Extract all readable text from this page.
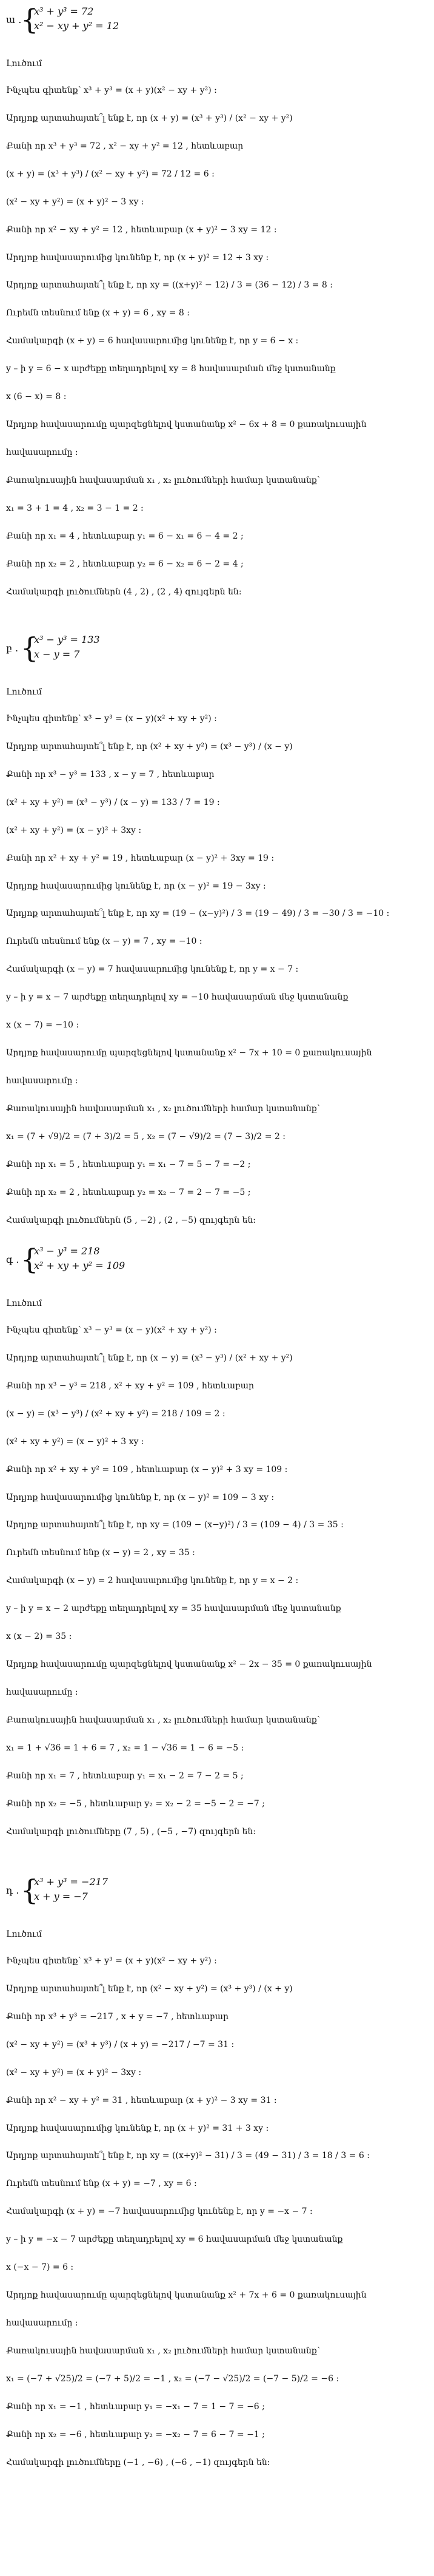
ա .
{
x³ + y³ = 72
x² − xy + y² = 12
Լուծում
Ինչպես գիտենք՝ x³ + y³ = (x + y)(x² − xy + y²) :
Արդյոք արտահայտե՞լ ենք է, որ (x + y) = (x³ + y³) / (x² − xy + y²)
Քանի որ x³ + y³ = 72 , x² − xy + y² = 12 , հետևաբար
(x + y) = (x³ + y³) / (x² − xy + y²) = 72 / 12 = 6 :
(x² − xy + y²) = (x + y)² − 3 xy :
Քանի որ x² − xy + y² = 12 , հետևաբար (x + y)² − 3 xy = 12 :
Արդյոք հավասարումից կունենք է, որ (x + y)² = 12 + 3 xy :
Արդյոք արտահայտե՞լ ենք է, որ xy = ((x+y)² − 12) / 3 = (36 − 12) / 3 = 8 :
Ուրեմն տեսնում ենք (x + y) = 6 , xy = 8 :
Համակարգի (x + y) = 6 հավասարումից կունենք է, որ y = 6 − x :
y – ի y = 6 − x արժեքը տեղադրելով xy = 8 հավասարման մեջ կստանանք
x (6 − x) = 8 :
Արդյոք հավասարումը պարզեցնելով կստանանք x² − 6x + 8 = 0 քառակուսային
հավասարումը :
Քառակուսային հավասարման x₁ , x₂ լուծումների համար կստանանք՝
x₁ = 3 + 1 = 4 , x₂ = 3 − 1 = 2 :
Քանի որ x₁ = 4 , հետևաբար y₁ = 6 − x₁ = 6 − 4 = 2 ;
Քանի որ x₂ = 2 , հետևաբար y₂ = 6 − x₂ = 6 − 2 = 4 ;
Համակարգի լուծումներն (4 , 2) , (2 , 4) զույգերն են:
բ . {
x³ − y³ = 133
x − y = 7
Լուծում
Ինչպես գիտենք՝ x³ − y³ = (x − y)(x² + xy + y²) :
Արդյոք արտահայտե՞լ ենք է, որ (x² + xy + y²) = (x³ − y³) / (x − y)
Քանի որ x³ − y³ = 133 , x − y = 7 , հետևաբար
(x² + xy + y²) = (x³ − y³) / (x − y) = 133 / 7 = 19 :
(x² + xy + y²) = (x − y)² + 3xy :
Քանի որ x² + xy + y² = 19 , հետևաբար (x − y)² + 3xy = 19 :
Արդյոք հավասարումից կունենք է, որ (x − y)² = 19 − 3xy :
Արդյոք արտահայտե՞լ ենք է, որ xy = (19 − (x−y)²) / 3 = (19 − 49) / 3 = −30 / 3 = −10 :
Ուրեմն տեսնում ենք (x − y) = 7 , xy = −10 :
Համակարգի (x − y) = 7 հավասարումից կունենք է, որ y = x − 7 :
y – ի y = x − 7 արժեքը տեղադրելով xy = −10 հավասարման մեջ կստանանք
x (x − 7) = −10 :
Արդյոք հավասարումը պարզեցնելով կստանանք x² − 7x + 10 = 0 քառակուսային
հավասարումը :
Քառակուսային հավասարման x₁ , x₂ լուծումների համար կստանանք՝
x₁ = (7 + √9)/2 = (7 + 3)/2 = 5 , x₂ = (7 − √9)/2 = (7 − 3)/2 = 2 :
Քանի որ x₁ = 5 , հետևաբար y₁ = x₁ − 7 = 5 − 7 = −2 ;
Քանի որ x₂ = 2 , հետևաբար y₂ = x₂ − 7 = 2 − 7 = −5 ;
Համակարգի լուծումներն (5 , −2) , (2 , −5) զույգերն են:
գ . {
x³ − y³ = 218
x² + xy + y² = 109
Լուծում
Ինչպես գիտենք՝ x³ − y³ = (x − y)(x² + xy + y²) :
Արդյոք արտահայտե՞լ ենք է, որ (x − y) = (x³ − y³) / (x² + xy + y²)
Քանի որ x³ − y³ = 218 , x² + xy + y² = 109 , հետևաբար
(x − y) = (x³ − y³) / (x² + xy + y²) = 218 / 109 = 2 :
(x² + xy + y²) = (x − y)² + 3 xy :
Քանի որ x² + xy + y² = 109 , հետևաբար (x − y)² + 3 xy = 109 :
Արդյոք հավասարումից կունենք է, որ (x − y)² = 109 − 3 xy :
Արդյոք արտահայտե՞լ ենք է, որ xy = (109 − (x−y)²) / 3 = (109 − 4) / 3 = 35 :
Ուրեմն տեսնում ենք (x − y) = 2 , xy = 35 :
Համակարգի (x − y) = 2 հավասարումից կունենք է, որ y = x − 2 :
y – ի y = x − 2 արժեքը տեղադրելով xy = 35 հավասարման մեջ կստանանք
x (x − 2) = 35 :
Արդյոք հավասարումը պարզեցնելով կստանանք x² − 2x − 35 = 0 քառակուսային
հավասարումը :
Քառակուսային հավասարման x₁ , x₂ լուծումների համար կստանանք՝
x₁ = 1 + √36 = 1 + 6 = 7 , x₂ = 1 − √36 = 1 − 6 = −5 :
Քանի որ x₁ = 7 , հետևաբար y₁ = x₁ − 2 = 7 − 2 = 5 ;
Քանի որ x₂ = −5 , հետևաբար y₂ = x₂ − 2 = −5 − 2 = −7 ;
Համակարգի լուծումները (7 , 5) , (−5 , −7) զույգերն են:
դ . {
x³ + y³ = −217
x + y = −7
Լուծում
Ինչպես գիտենք՝ x³ + y³ = (x + y)(x² − xy + y²) :
Արդյոք արտահայտե՞լ ենք է, որ (x² − xy + y²) = (x³ + y³) / (x + y)
Քանի որ x³ + y³ = −217 , x + y = −7 , հետևաբար
(x² − xy + y²) = (x³ + y³) / (x + y) = −217 / −7 = 31 :
(x² − xy + y²) = (x + y)² − 3xy :
Քանի որ x² − xy + y² = 31 , հետևաբար (x + y)² − 3 xy = 31 :
Արդյոք հավասարումից կունենք է, որ (x + y)² = 31 + 3 xy :
Արդյոք արտահայտե՞լ ենք է, որ xy = ((x+y)² − 31) / 3 = (49 − 31) / 3 = 18 / 3 = 6 :
Ուրեմն տեսնում ենք (x + y) = −7 , xy = 6 :
Համակարգի (x + y) = −7 հավասարումից կունենք է, որ y = −x − 7 :
y – ի y = −x − 7 արժեքը տեղադրելով xy = 6 հավասարման մեջ կստանանք
x (−x − 7) = 6 :
Արդյոք հավասարումը պարզեցնելով կստանանք x² + 7x + 6 = 0 քառակուսային
հավասարումը :
Քառակուսային հավասարման x₁ , x₂ լուծումների համար կստանանք՝
x₁ = (−7 + √25)/2 = (−7 + 5)/2 = −1 , x₂ = (−7 − √25)/2 = (−7 − 5)/2 = −6 :
Քանի որ x₁ = −1 , հետևաբար y₁ = −x₁ − 7 = 1 − 7 = −6 ;
Քանի որ x₂ = −6 , հետևաբար y₂ = −x₂ − 7 = 6 − 7 = −1 ;
Համակարգի լուծումները (−1 , −6) , (−6 , −1) զույգերն են:
